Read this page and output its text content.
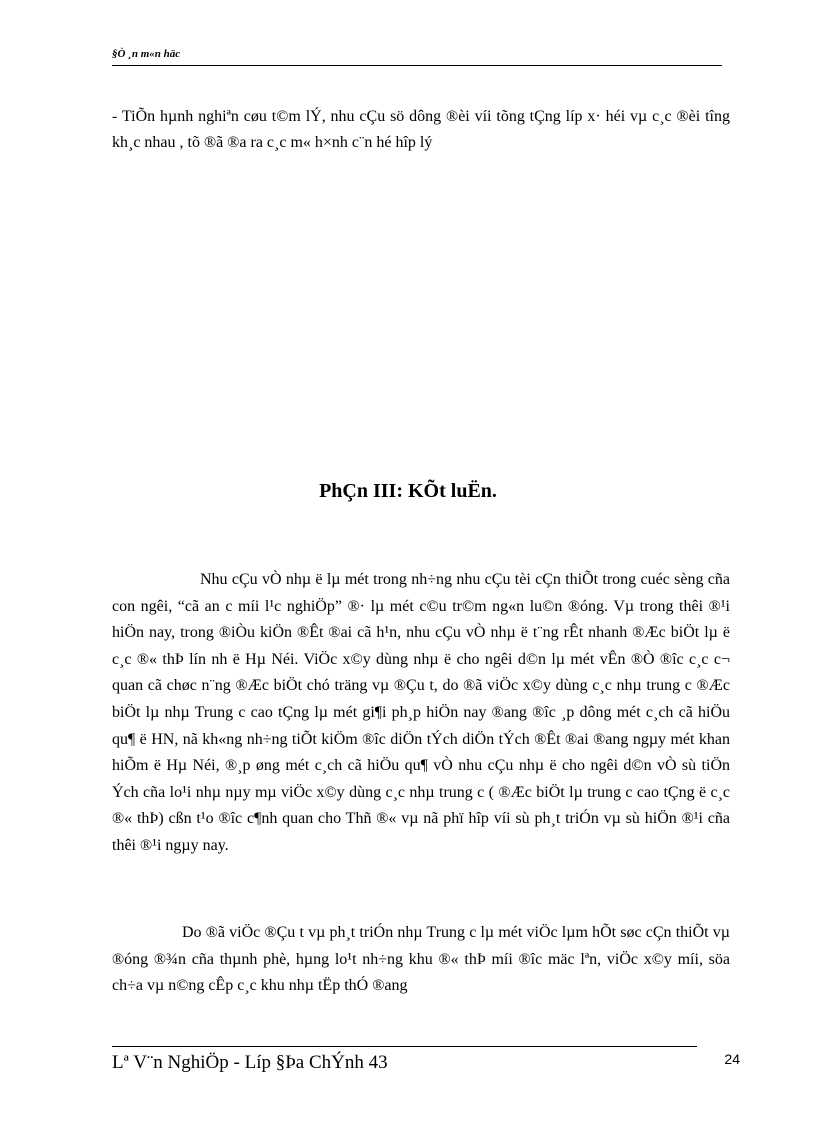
§Ò ¸n m«n häc

- TiÕn hµnh nghiªn cøu t©m lÝ, nhu cÇu sö dông ®èi víi tõng tÇng líp x· héi vµ c¸c ®èi tîng kh¸c nhau , tõ ®ã ®a ra c¸c m« h×nh c¨n hé hîp lý

PhÇn III: KÕt luËn.

Nhu cÇu vÒ nhµ ë lµ mét trong nh÷ng nhu cÇu tèi cÇn thiÕt trong cuéc sèng cña con ngêi, “cã an c míi l¹c nghiÖp” ®· lµ mét c©u tr©m ng«n lu©n ®óng. Vµ trong thêi ®¹i hiÖn nay, trong ®iÒu kiÖn ®Êt ®ai cã h¹n, nhu cÇu vÒ nhµ ë t¨ng rÊt nhanh ®Æc biÖt lµ ë c¸c ®« thÞ lín nh ë Hµ Néi. ViÖc x©y dùng nhµ ë cho ngêi d©n lµ mét vÊn ®Ò ®îc c¸c c¬ quan cã chøc n¨ng ®Æc biÖt chó träng vµ ®Çu t, do ®ã viÖc x©y dùng c¸c nhµ trung c ®Æc biÖt lµ nhµ Trung c cao tÇng lµ mét gi¶i ph¸p hiÖn nay ®ang ®îc ¸p dông mét c¸ch cã hiÖu qu¶ ë HN, nã kh«ng nh÷ng tiÕt kiÖm ®îc diÖn tÝch diÖn tÝch ®Êt ®ai ®ang ngµy mét khan hiÕm ë Hµ Néi, ®¸p øng mét c¸ch cã hiÖu qu¶ vÒ nhu cÇu nhµ ë cho ngêi d©n vÒ sù tiÖn Ých cña lo¹i nhµ nµy mµ viÖc x©y dùng c¸c nhµ trung c ( ®Æc biÖt lµ trung c cao tÇng ë c¸c ®« thÞ) cßn t¹o ®îc c¶nh quan cho Thñ ®« vµ nã phï hîp víi sù ph¸t triÓn vµ sù hiÖn ®¹i cña thêi ®¹i ngµy nay.

Do ®ã viÖc ®Çu t vµ ph¸t triÓn nhµ Trung c lµ mét viÖc lµm hÕt søc cÇn thiÕt vµ ®óng ®¾n cña thµnh phè, hµng lo¹t nh÷ng khu ®« thÞ míi ®îc mäc lªn, viÖc x©y míi, söa ch÷a vµ n©ng cÊp c¸c khu nhµ tËp thÓ ®ang

Lª V¨n NghiÖp - Líp §Þa ChÝnh 43	24
